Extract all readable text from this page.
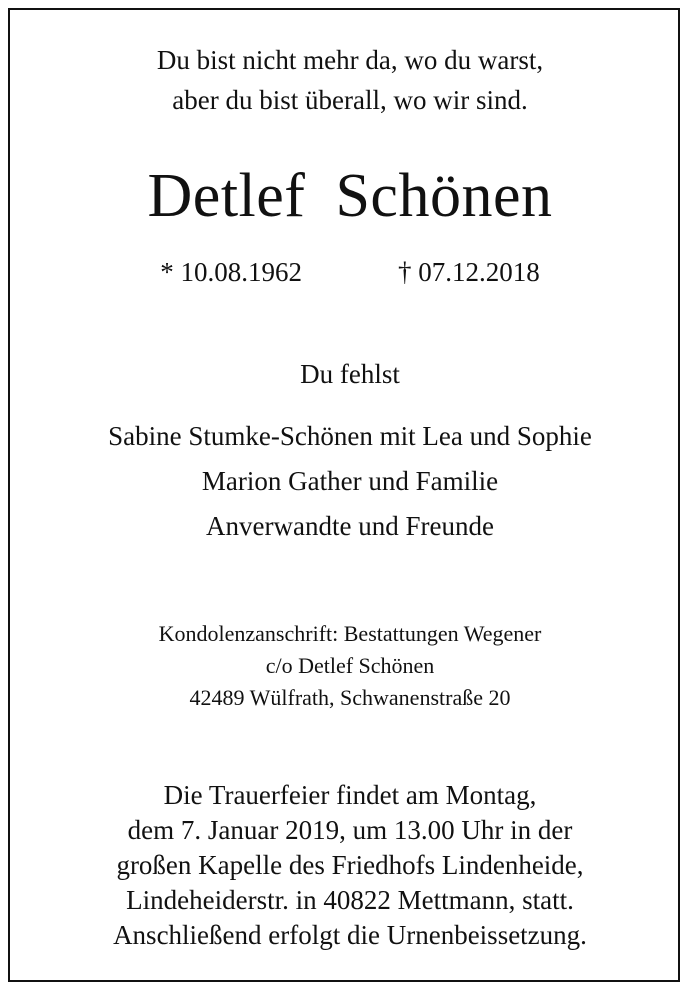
Du bist nicht mehr da, wo du warst,
aber du bist überall, wo wir sind.
Detlef Schönen
* 10.08.1962	† 07.12.2018
Du fehlst
Sabine Stumke-Schönen mit Lea und Sophie
Marion Gather und Familie
Anverwandte und Freunde
Kondolenzanschrift: Bestattungen Wegener
c/o Detlef Schönen
42489 Wülfrath, Schwanenstraße 20
Die Trauerfeier findet am Montag,
dem 7. Januar 2019, um 13.00 Uhr in der
großen Kapelle des Friedhofs Lindenheide,
Lindeheiderstr. in 40822 Mettmann, statt.
Anschließend erfolgt die Urnenbeissetzung.
